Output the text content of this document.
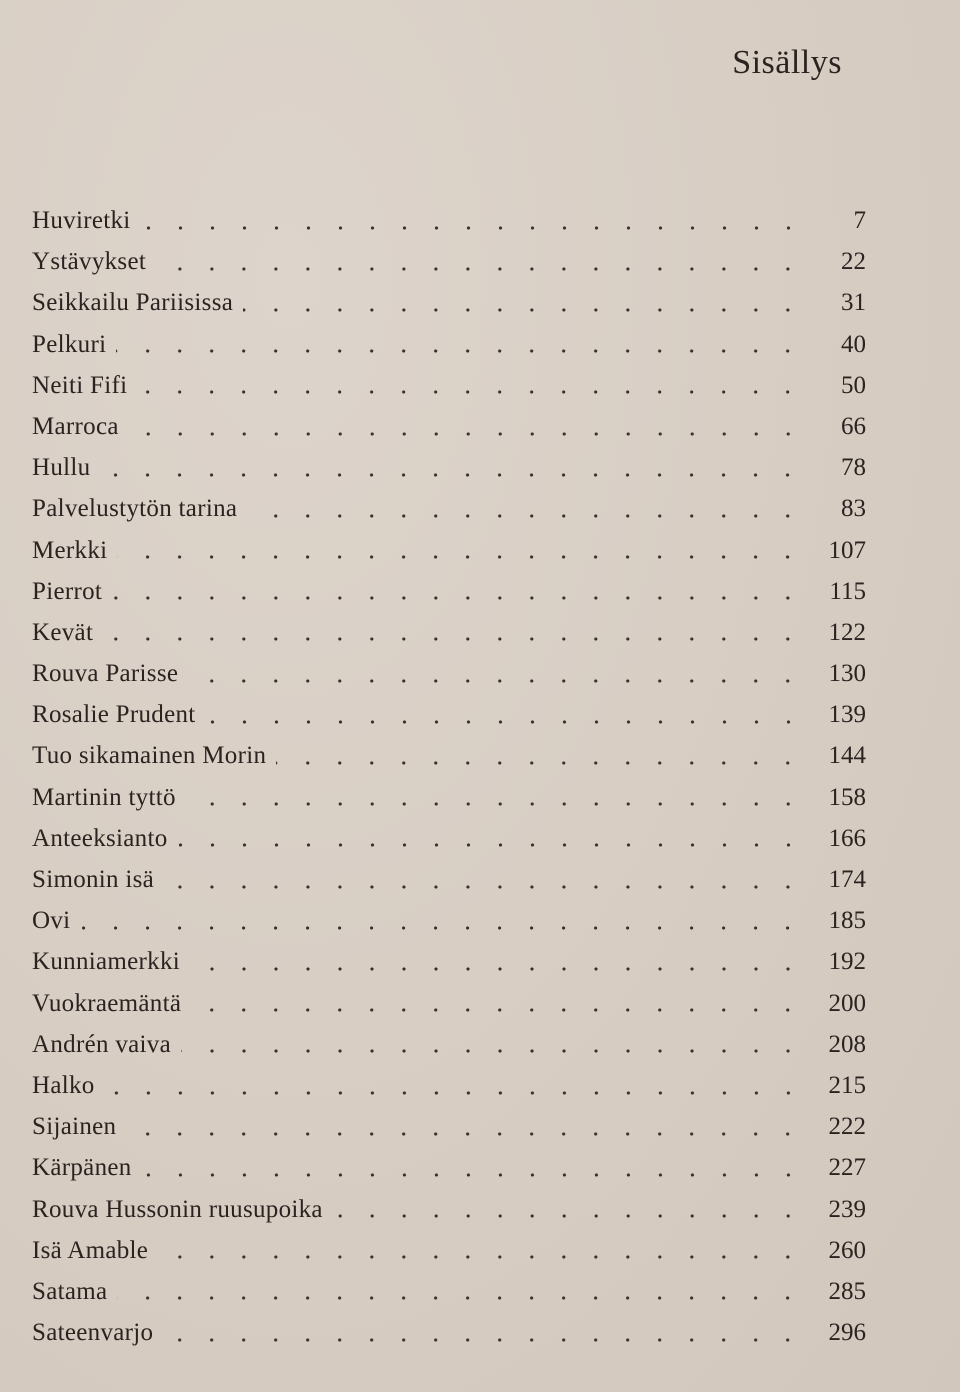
Sisällys
Huviretki	7
Ystävykset	22
Seikkailu Pariisissa	31
Pelkuri	40
Neiti Fifi	50
Marroca	66
Hullu	78
Palvelustytön tarina	83
Merkki	107
Pierrot	115
Kevät	122
Rouva Parisse	130
Rosalie Prudent	139
Tuo sikamainen Morin	144
Martinin tyttö	158
Anteeksianto	166
Simonin isä	174
Ovi	185
Kunniamerkki	192
Vuokraemäntä	200
Andrén vaiva	208
Halko	215
Sijainen	222
Kärpänen	227
Rouva Hussonin ruusupoika	239
Isä Amable	260
Satama	285
Sateenvarjo	296
